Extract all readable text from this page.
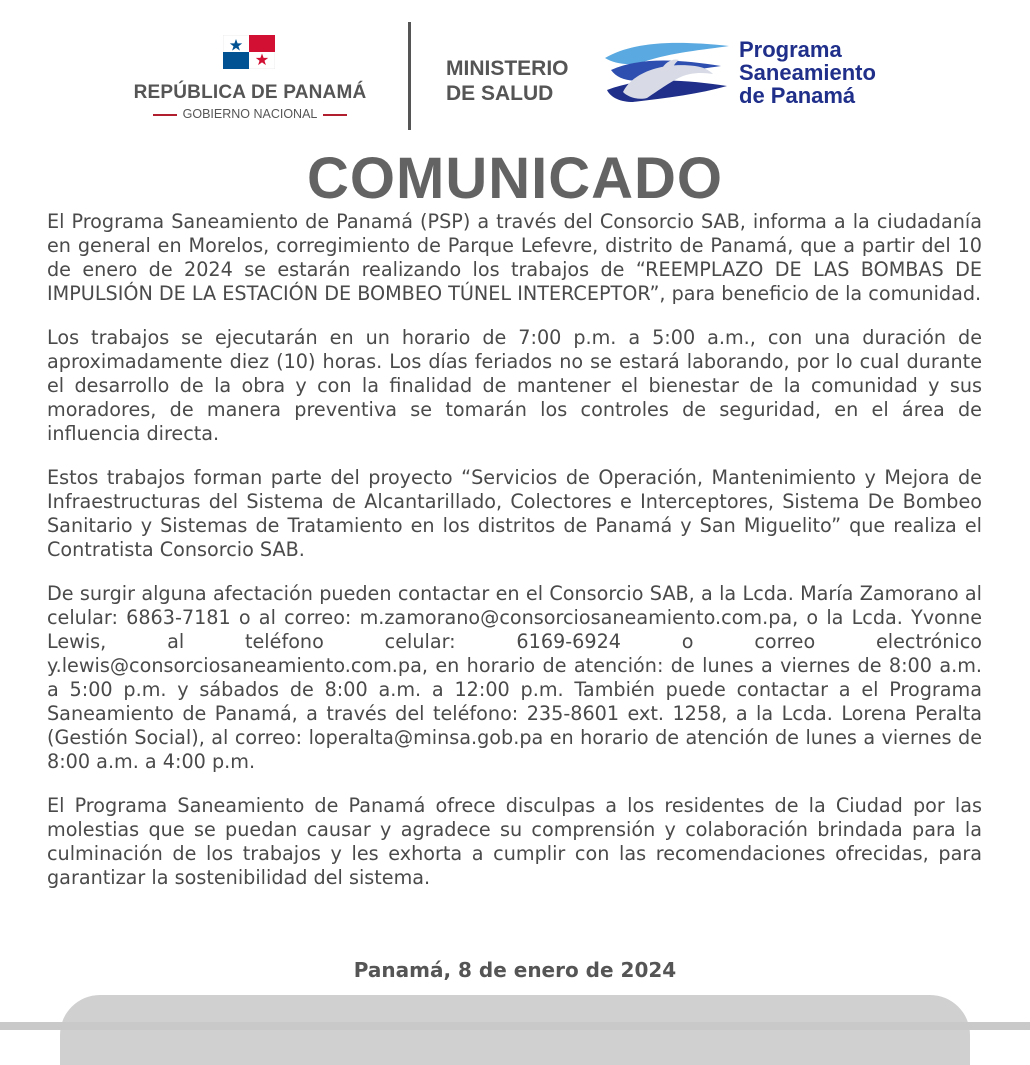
REPÚBLICA DE PANAMÁ
GOBIERNO NACIONAL
MINISTERIO
DE SALUD
Programa
Saneamiento
de Panamá
COMUNICADO

El Programa Saneamiento de Panamá (PSP) a través del Consorcio SAB, informa a la ciudadanía en general en Morelos, corregimiento de Parque Lefevre, distrito de Panamá, que a partir del 10 de enero de 2024 se estarán realizando los trabajos de “REEMPLAZO DE LAS BOMBAS DE IMPULSIÓN DE LA ESTACIÓN DE BOMBEO TÚNEL INTERCEPTOR”, para beneficio de la comunidad.

Los trabajos se ejecutarán en un horario de 7:00 p.m. a 5:00 a.m., con una duración de aproximadamente diez (10) horas. Los días feriados no se estará laborando, por lo cual durante el desarrollo de la obra y con la finalidad de mantener el bienestar de la comunidad y sus moradores, de manera preventiva se tomarán los controles de seguridad, en el área de influencia directa.

Estos trabajos forman parte del proyecto “Servicios de Operación, Mantenimiento y Mejora de Infraestructuras del Sistema de Alcantarillado, Colectores e Interceptores, Sistema De Bombeo Sanitario y Sistemas de Tratamiento en los distritos de Panamá y San Miguelito” que realiza el Contratista Consorcio SAB.

De surgir alguna afectación pueden contactar en el Consorcio SAB, a la Lcda. María Zamorano al celular: 6863-7181 o al correo: m.zamorano@consorciosaneamiento.com.pa, o la Lcda. Yvonne Lewis, al teléfono celular: 6169-6924 o correo electrónico y.lewis@consorciosaneamiento.com.pa, en horario de atención: de lunes a viernes de 8:00 a.m. a 5:00 p.m. y sábados de 8:00 a.m. a 12:00 p.m. También puede contactar a el Programa Saneamiento de Panamá, a través del teléfono: 235-8601 ext. 1258, a la Lcda. Lorena Peralta (Gestión Social), al correo: loperalta@minsa.gob.pa en horario de atención de lunes a viernes de 8:00 a.m. a 4:00 p.m.

El Programa Saneamiento de Panamá ofrece disculpas a los residentes de la Ciudad por las molestias que se puedan causar y agradece su comprensión y colaboración brindada para la culminación de los trabajos y les exhorta a cumplir con las recomendaciones ofrecidas, para garantizar la sostenibilidad del sistema.

Panamá, 8 de enero de 2024
